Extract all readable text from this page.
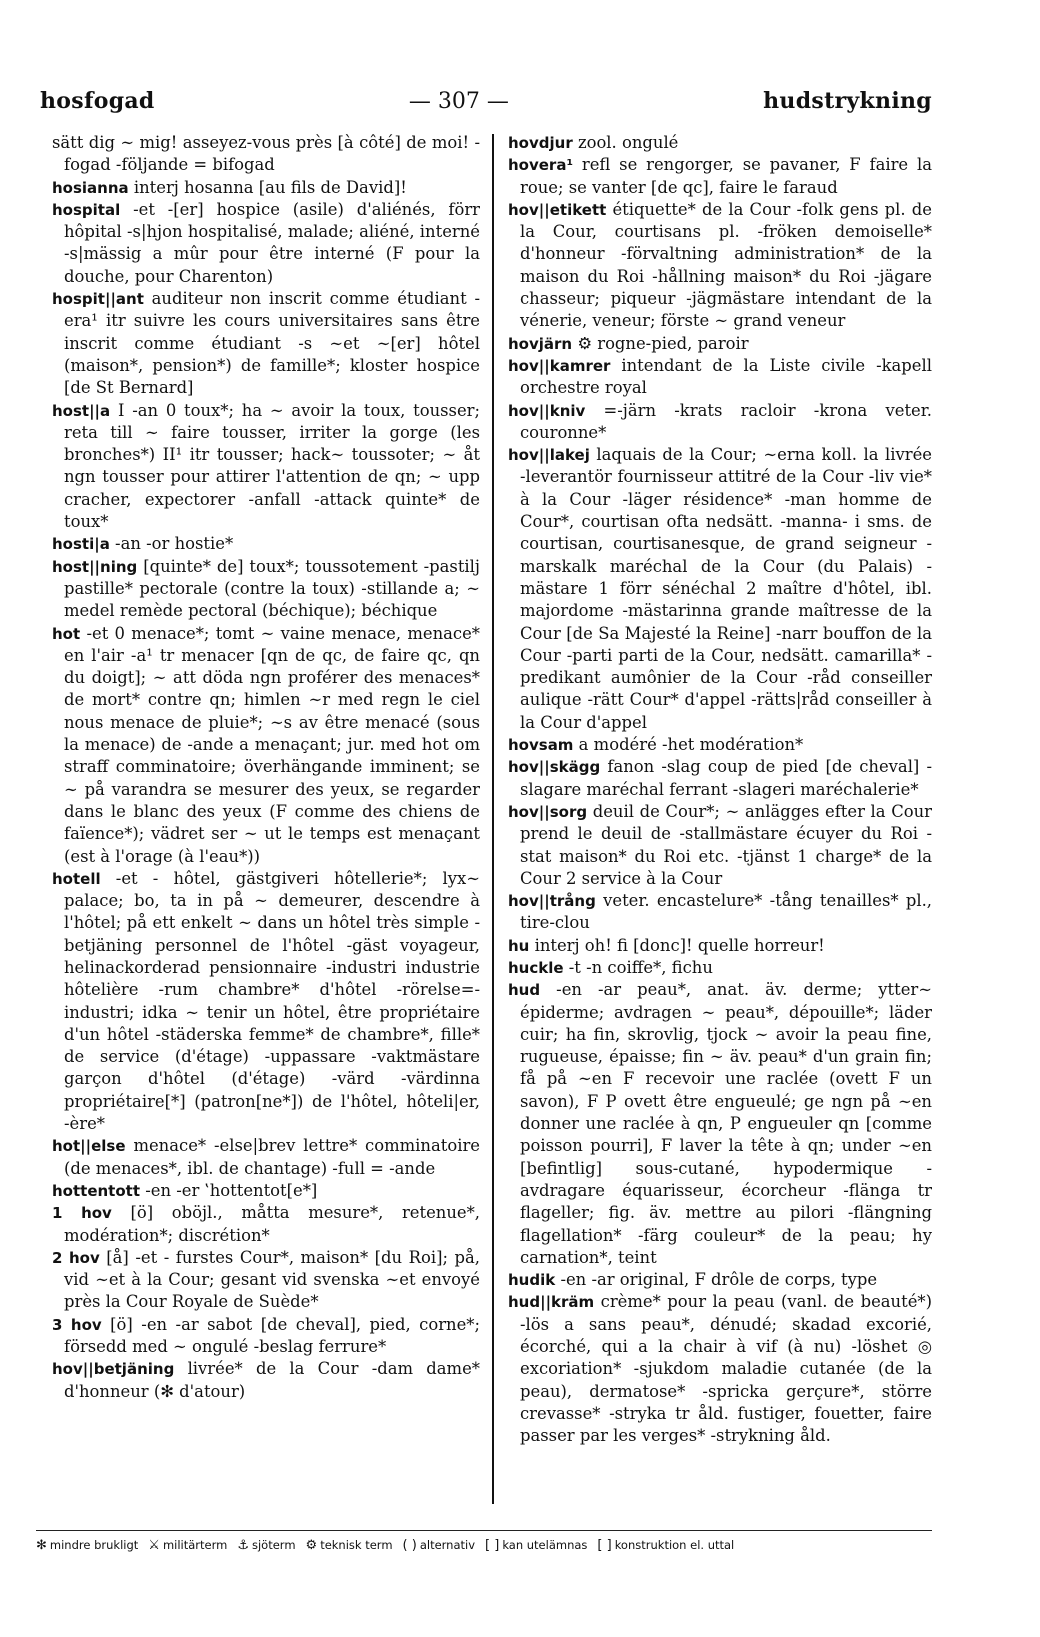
hosfogad	— 307 —	hudstrykning

sätt dig ∼ mig! asseyez-vous près [à côté] de moi! -fogad -följande = bifogad

hosianna interj hosanna [au fils de David]!

hospital -et -[er] hospice (asile) d'aliénés, förr hôpital -s|hjon hospitalisé, malade; aliéné, interné -s|mässig a mûr pour être interné (F pour la douche, pour Charenton)

hospit||ant auditeur non inscrit comme étudiant -era¹ itr suivre les cours universitaires sans être inscrit comme étudiant -s ∼et ∼[er] hôtel (maison*, pension*) de famille*; kloster hospice [de St Bernard]

host||a I -an 0 toux*; ha ∼ avoir la toux, tousser; reta till ∼ faire tousser, irriter la gorge (les bronches*) II¹ itr tousser; hack∼ toussoter; ∼ åt ngn tousser pour attirer l'attention de qn; ∼ upp cracher, expectorer -anfall -attack quinte* de toux*

hosti|a -an -or hostie*

host||ning [quinte* de] toux*; toussotement -pastilj pastille* pectorale (contre la toux) -stillande a; ∼ medel remède pectoral (béchique); béchique

hot -et 0 menace*; tomt ∼ vaine menace, menace* en l'air -a¹ tr menacer [qn de qc, de faire qc, qn du doigt]; ∼ att döda ngn proférer des menaces* de mort* contre qn; himlen ∼r med regn le ciel nous menace de pluie*; ∼s av être menacé (sous la menace) de -ande a menaçant; jur. med hot om straff comminatoire; överhängande imminent; se ∼ på varandra se mesurer des yeux, se regarder dans le blanc des yeux (F comme des chiens de faïence*); vädret ser ∼ ut le temps est menaçant (est à l'orage (à l'eau*))

hotell -et - hôtel, gästgiveri hôtellerie*; lyx∼ palace; bo, ta in på ∼ demeurer, descendre à l'hôtel; på ett enkelt ∼ dans un hôtel très simple -betjäning personnel de l'hôtel -gäst voyageur, helinackorderad pensionnaire -industri industrie hôtelière -rum chambre* d'hôtel -rörelse=-industri; idka ∼ tenir un hôtel, être propriétaire d'un hôtel -städerska femme* de chambre*, fille* de service (d'étage) -uppassare -vaktmästare garçon d'hôtel (d'étage) -värd -värdinna propriétaire[*] (patron[ne*]) de l'hôtel, hôteli|er, -ère*

hot||else menace* -else|brev lettre* comminatoire (de menaces*, ibl. de chantage) -full = -ande

hottentott -en -er ‛hottentot[e*]

1 hov [ö] oböjl., måtta mesure*, retenue*, modération*; discrétion*

2 hov [å] -et - furstes Cour*, maison* [du Roi]; på, vid ∼et à la Cour; gesant vid svenska ∼et envoyé près la Cour Royale de Suède*

3 hov [ö] -en -ar sabot [de cheval], pied, corne*; försedd med ∼ ongulé -beslag ferrure*

hov||betjäning livrée* de la Cour -dam dame* d'honneur (✻ d'atour)

hovdjur zool. ongulé

hovera¹ refl se rengorger, se pavaner, F faire la roue; se vanter [de qc], faire le faraud

hov||etikett étiquette* de la Cour -folk gens pl. de la Cour, courtisans pl. -fröken demoiselle* d'honneur -förvaltning administration* de la maison du Roi -hållning maison* du Roi -jägare chasseur; piqueur -jägmästare intendant de la vénerie, veneur; förste ∼ grand veneur

hovjärn ⚙ rogne-pied, paroir

hov||kamrer intendant de la Liste civile -kapell orchestre royal

hov||kniv =-järn -krats racloir -krona veter. couronne*

hov||lakej laquais de la Cour; ∼erna koll. la livrée -leverantör fournisseur attitré de la Cour -liv vie* à la Cour -läger résidence* -man homme de Cour*, courtisan ofta nedsätt. -manna- i sms. de courtisan, courtisanesque, de grand seigneur -marskalk maréchal de la Cour (du Palais) -mästare 1 förr sénéchal 2 maître d'hôtel, ibl. majordome -mästarinna grande maîtresse de la Cour [de Sa Majesté la Reine] -narr bouffon de la Cour -parti parti de la Cour, nedsätt. camarilla* -predikant aumônier de la Cour -råd conseiller aulique -rätt Cour* d'appel -rätts|råd conseiller à la Cour d'appel

hovsam a modéré -het modération*

hov||skägg fanon -slag coup de pied [de cheval] -slagare maréchal ferrant -slageri maréchalerie*

hov||sorg deuil de Cour*; ∼ anlägges efter la Cour prend le deuil de -stallmästare écuyer du Roi -stat maison* du Roi etc. -tjänst 1 charge* de la Cour 2 service à la Cour

hov||trång veter. encastelure* -tång tenailles* pl., tire-clou

hu interj oh! fi [donc]! quelle horreur!

huckle -t -n coiffe*, fichu

hud -en -ar peau*, anat. äv. derme; ytter∼ épiderme; avdragen ∼ peau*, dépouille*; läder cuir; ha fin, skrovlig, tjock ∼ avoir la peau fine, rugueuse, épaisse; fin ∼ äv. peau* d'un grain fin; få på ∼en F recevoir une raclée (ovett F un savon), F P ovett être engueulé; ge ngn på ∼en donner une raclée à qn, P engueuler qn [comme poisson pourri], F laver la tête à qn; under ∼en [befintlig] sous-cutané, hypodermique -avdragare équarisseur, écorcheur -flänga tr flageller; fig. äv. mettre au pilori -flängning flagellation* -färg couleur* de la peau; hy carnation*, teint

hudik -en -ar original, F drôle de corps, type

hud||kräm crème* pour la peau (vanl. de beauté*) -lös a sans peau*, dénudé; skadad excorié, écorché, qui a la chair à vif (à nu) -löshet ◎ excoriation* -sjukdom maladie cutanée (de la peau), dermatose* -spricka gerçure*, större crevasse* -stryka tr åld. fustiger, fouetter, faire passer par les verges* -strykning åld.

✻ mindre brukligt ⚔ militärterm ⚓ sjöterm ⚙ teknisk term ( ) alternativ [ ] kan utelämnas [ ] konstruktion el. uttal
